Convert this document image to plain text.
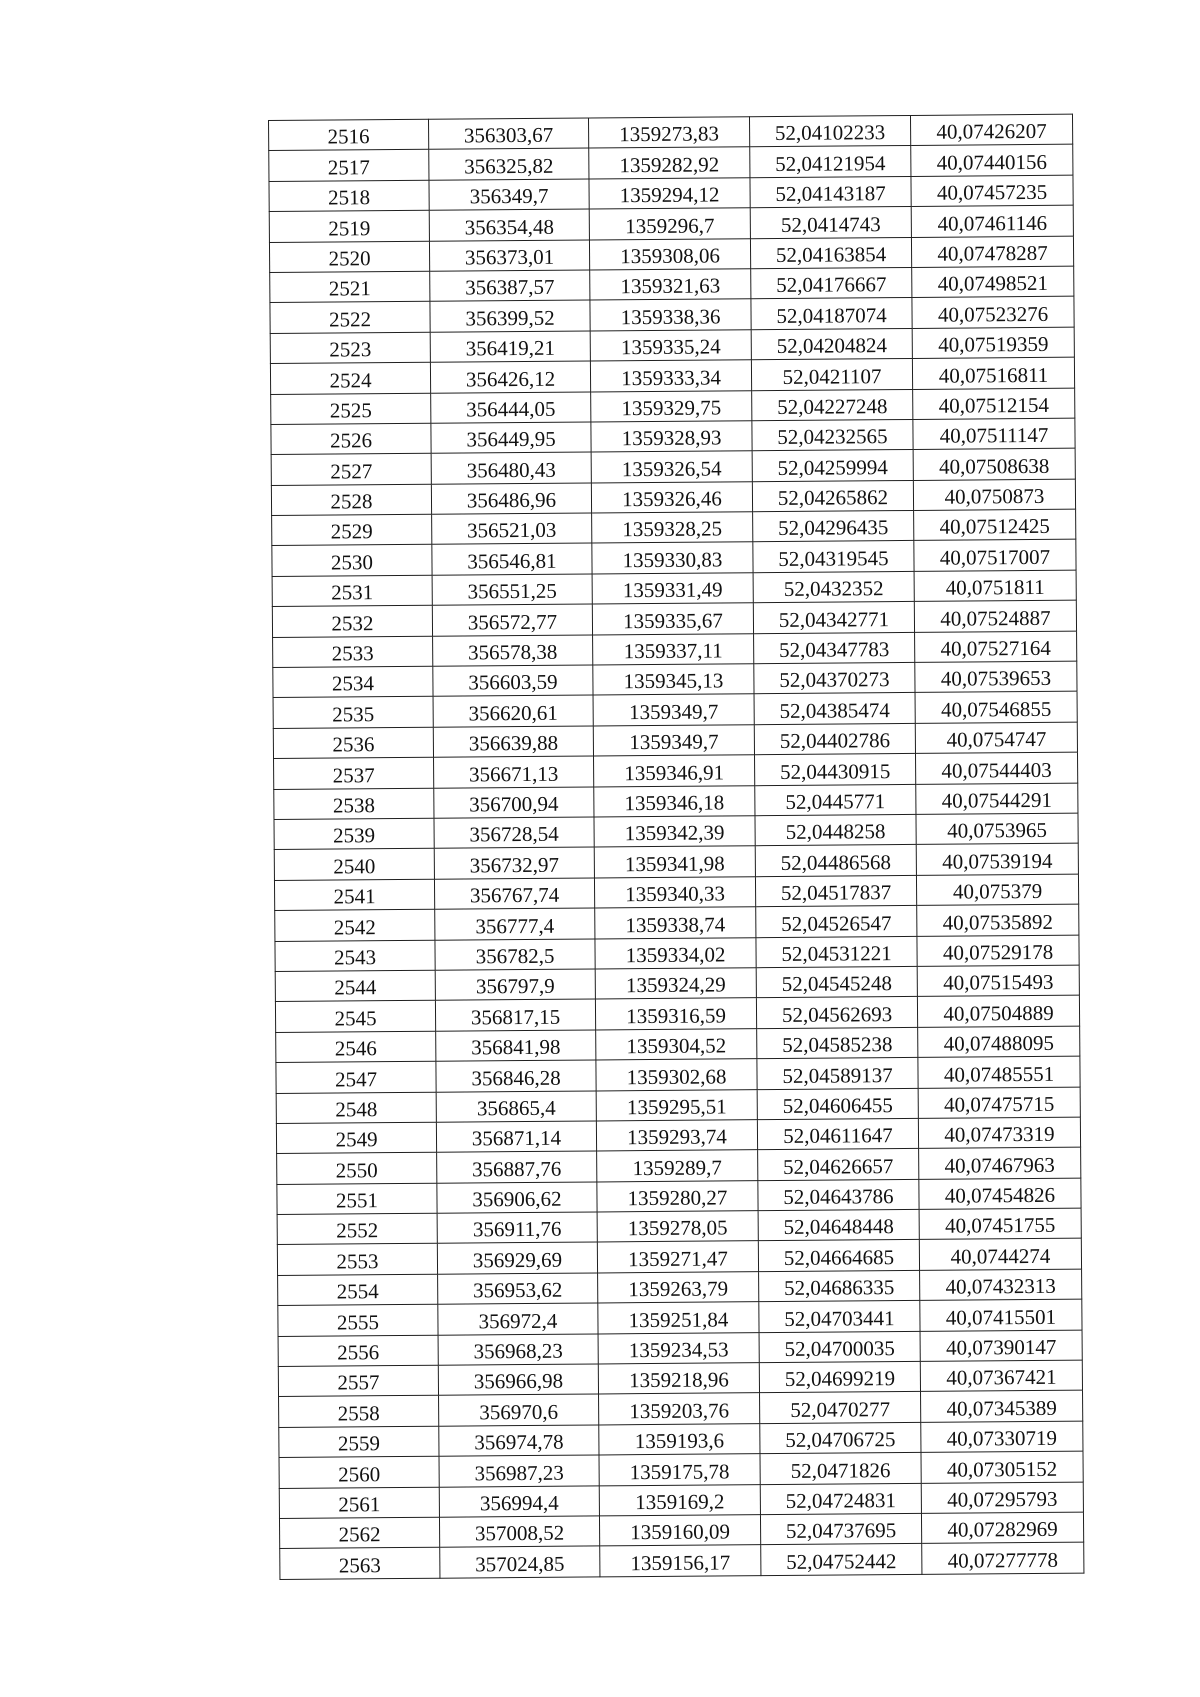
2516	356303,67	1359273,83	52,04102233	40,07426207
2517	356325,82	1359282,92	52,04121954	40,07440156
2518	356349,7	1359294,12	52,04143187	40,07457235
2519	356354,48	1359296,7	52,0414743	40,07461146
2520	356373,01	1359308,06	52,04163854	40,07478287
2521	356387,57	1359321,63	52,04176667	40,07498521
2522	356399,52	1359338,36	52,04187074	40,07523276
2523	356419,21	1359335,24	52,04204824	40,07519359
2524	356426,12	1359333,34	52,0421107	40,07516811
2525	356444,05	1359329,75	52,04227248	40,07512154
2526	356449,95	1359328,93	52,04232565	40,07511147
2527	356480,43	1359326,54	52,04259994	40,07508638
2528	356486,96	1359326,46	52,04265862	40,0750873
2529	356521,03	1359328,25	52,04296435	40,07512425
2530	356546,81	1359330,83	52,04319545	40,07517007
2531	356551,25	1359331,49	52,0432352	40,0751811
2532	356572,77	1359335,67	52,04342771	40,07524887
2533	356578,38	1359337,11	52,04347783	40,07527164
2534	356603,59	1359345,13	52,04370273	40,07539653
2535	356620,61	1359349,7	52,04385474	40,07546855
2536	356639,88	1359349,7	52,04402786	40,0754747
2537	356671,13	1359346,91	52,04430915	40,07544403
2538	356700,94	1359346,18	52,0445771	40,07544291
2539	356728,54	1359342,39	52,0448258	40,0753965
2540	356732,97	1359341,98	52,04486568	40,07539194
2541	356767,74	1359340,33	52,04517837	40,075379
2542	356777,4	1359338,74	52,04526547	40,07535892
2543	356782,5	1359334,02	52,04531221	40,07529178
2544	356797,9	1359324,29	52,04545248	40,07515493
2545	356817,15	1359316,59	52,04562693	40,07504889
2546	356841,98	1359304,52	52,04585238	40,07488095
2547	356846,28	1359302,68	52,04589137	40,07485551
2548	356865,4	1359295,51	52,04606455	40,07475715
2549	356871,14	1359293,74	52,04611647	40,07473319
2550	356887,76	1359289,7	52,04626657	40,07467963
2551	356906,62	1359280,27	52,04643786	40,07454826
2552	356911,76	1359278,05	52,04648448	40,07451755
2553	356929,69	1359271,47	52,04664685	40,0744274
2554	356953,62	1359263,79	52,04686335	40,07432313
2555	356972,4	1359251,84	52,04703441	40,07415501
2556	356968,23	1359234,53	52,04700035	40,07390147
2557	356966,98	1359218,96	52,04699219	40,07367421
2558	356970,6	1359203,76	52,0470277	40,07345389
2559	356974,78	1359193,6	52,04706725	40,07330719
2560	356987,23	1359175,78	52,0471826	40,07305152
2561	356994,4	1359169,2	52,04724831	40,07295793
2562	357008,52	1359160,09	52,04737695	40,07282969
2563	357024,85	1359156,17	52,04752442	40,07277778
